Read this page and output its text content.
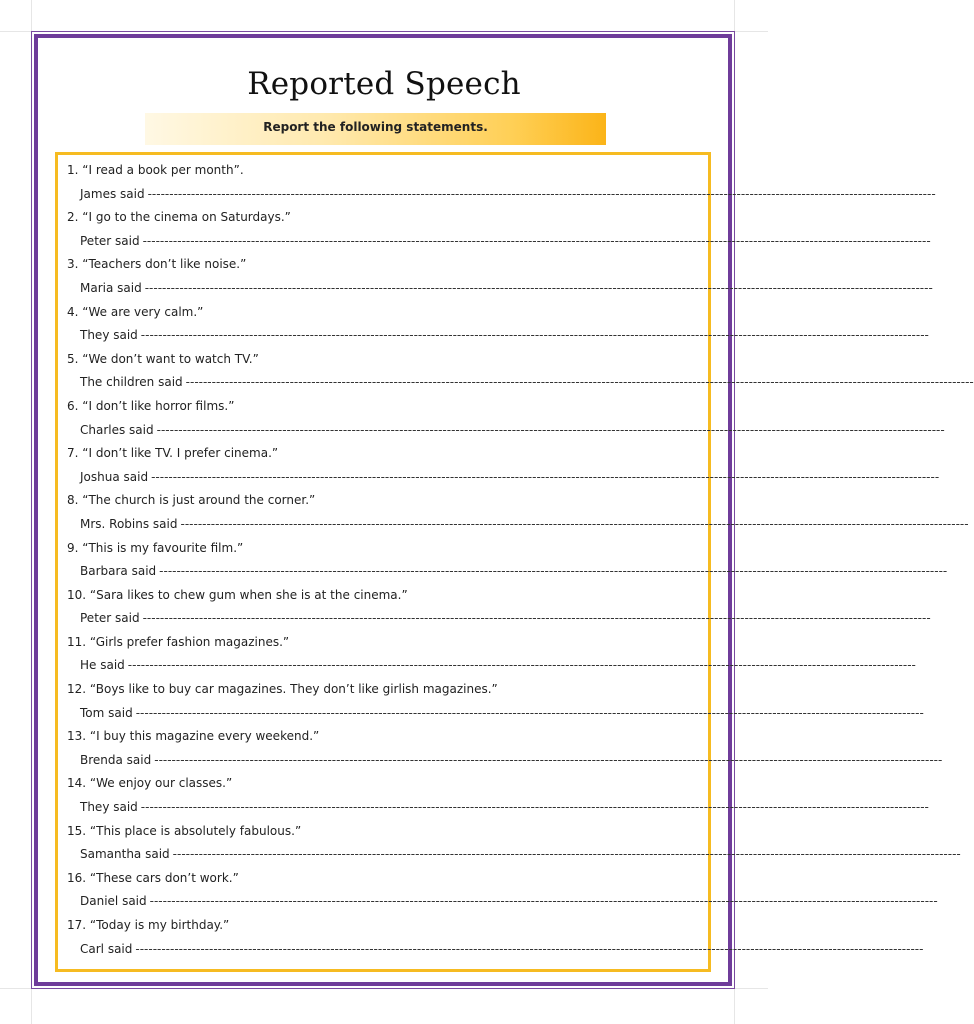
Reported Speech
Report the following statements.
1. “I read a book per month”.
James said --------------------------------------------------------------------------------------------------------------------------------------------------------------------------------------
2. “I go to the cinema on Saturdays.”
Peter said --------------------------------------------------------------------------------------------------------------------------------------------------------------------------------------
3. “Teachers don’t like noise.”
Maria said --------------------------------------------------------------------------------------------------------------------------------------------------------------------------------------
4. “We are very calm.”
They said --------------------------------------------------------------------------------------------------------------------------------------------------------------------------------------
5. “We don’t want to watch TV.”
The children said --------------------------------------------------------------------------------------------------------------------------------------------------------------------------------------
6. “I don’t like horror films.”
Charles said --------------------------------------------------------------------------------------------------------------------------------------------------------------------------------------
7. “I don’t like TV. I prefer cinema.”
Joshua said --------------------------------------------------------------------------------------------------------------------------------------------------------------------------------------
8. “The church is just around the corner.”
Mrs. Robins said --------------------------------------------------------------------------------------------------------------------------------------------------------------------------------------
9. “This is my favourite film.”
Barbara said --------------------------------------------------------------------------------------------------------------------------------------------------------------------------------------
10. “Sara likes to chew gum when she is at the cinema.”
Peter said --------------------------------------------------------------------------------------------------------------------------------------------------------------------------------------
11. “Girls prefer fashion magazines.”
He said --------------------------------------------------------------------------------------------------------------------------------------------------------------------------------------
12. “Boys like to buy car magazines. They don’t like girlish magazines.”
Tom said --------------------------------------------------------------------------------------------------------------------------------------------------------------------------------------
13. “I buy this magazine every weekend.”
Brenda said --------------------------------------------------------------------------------------------------------------------------------------------------------------------------------------
14. “We enjoy our classes.”
They said --------------------------------------------------------------------------------------------------------------------------------------------------------------------------------------
15. “This place is absolutely fabulous.”
Samantha said --------------------------------------------------------------------------------------------------------------------------------------------------------------------------------------
16. “These cars don’t work.”
Daniel said --------------------------------------------------------------------------------------------------------------------------------------------------------------------------------------
17. “Today is my birthday.”
Carl said --------------------------------------------------------------------------------------------------------------------------------------------------------------------------------------
